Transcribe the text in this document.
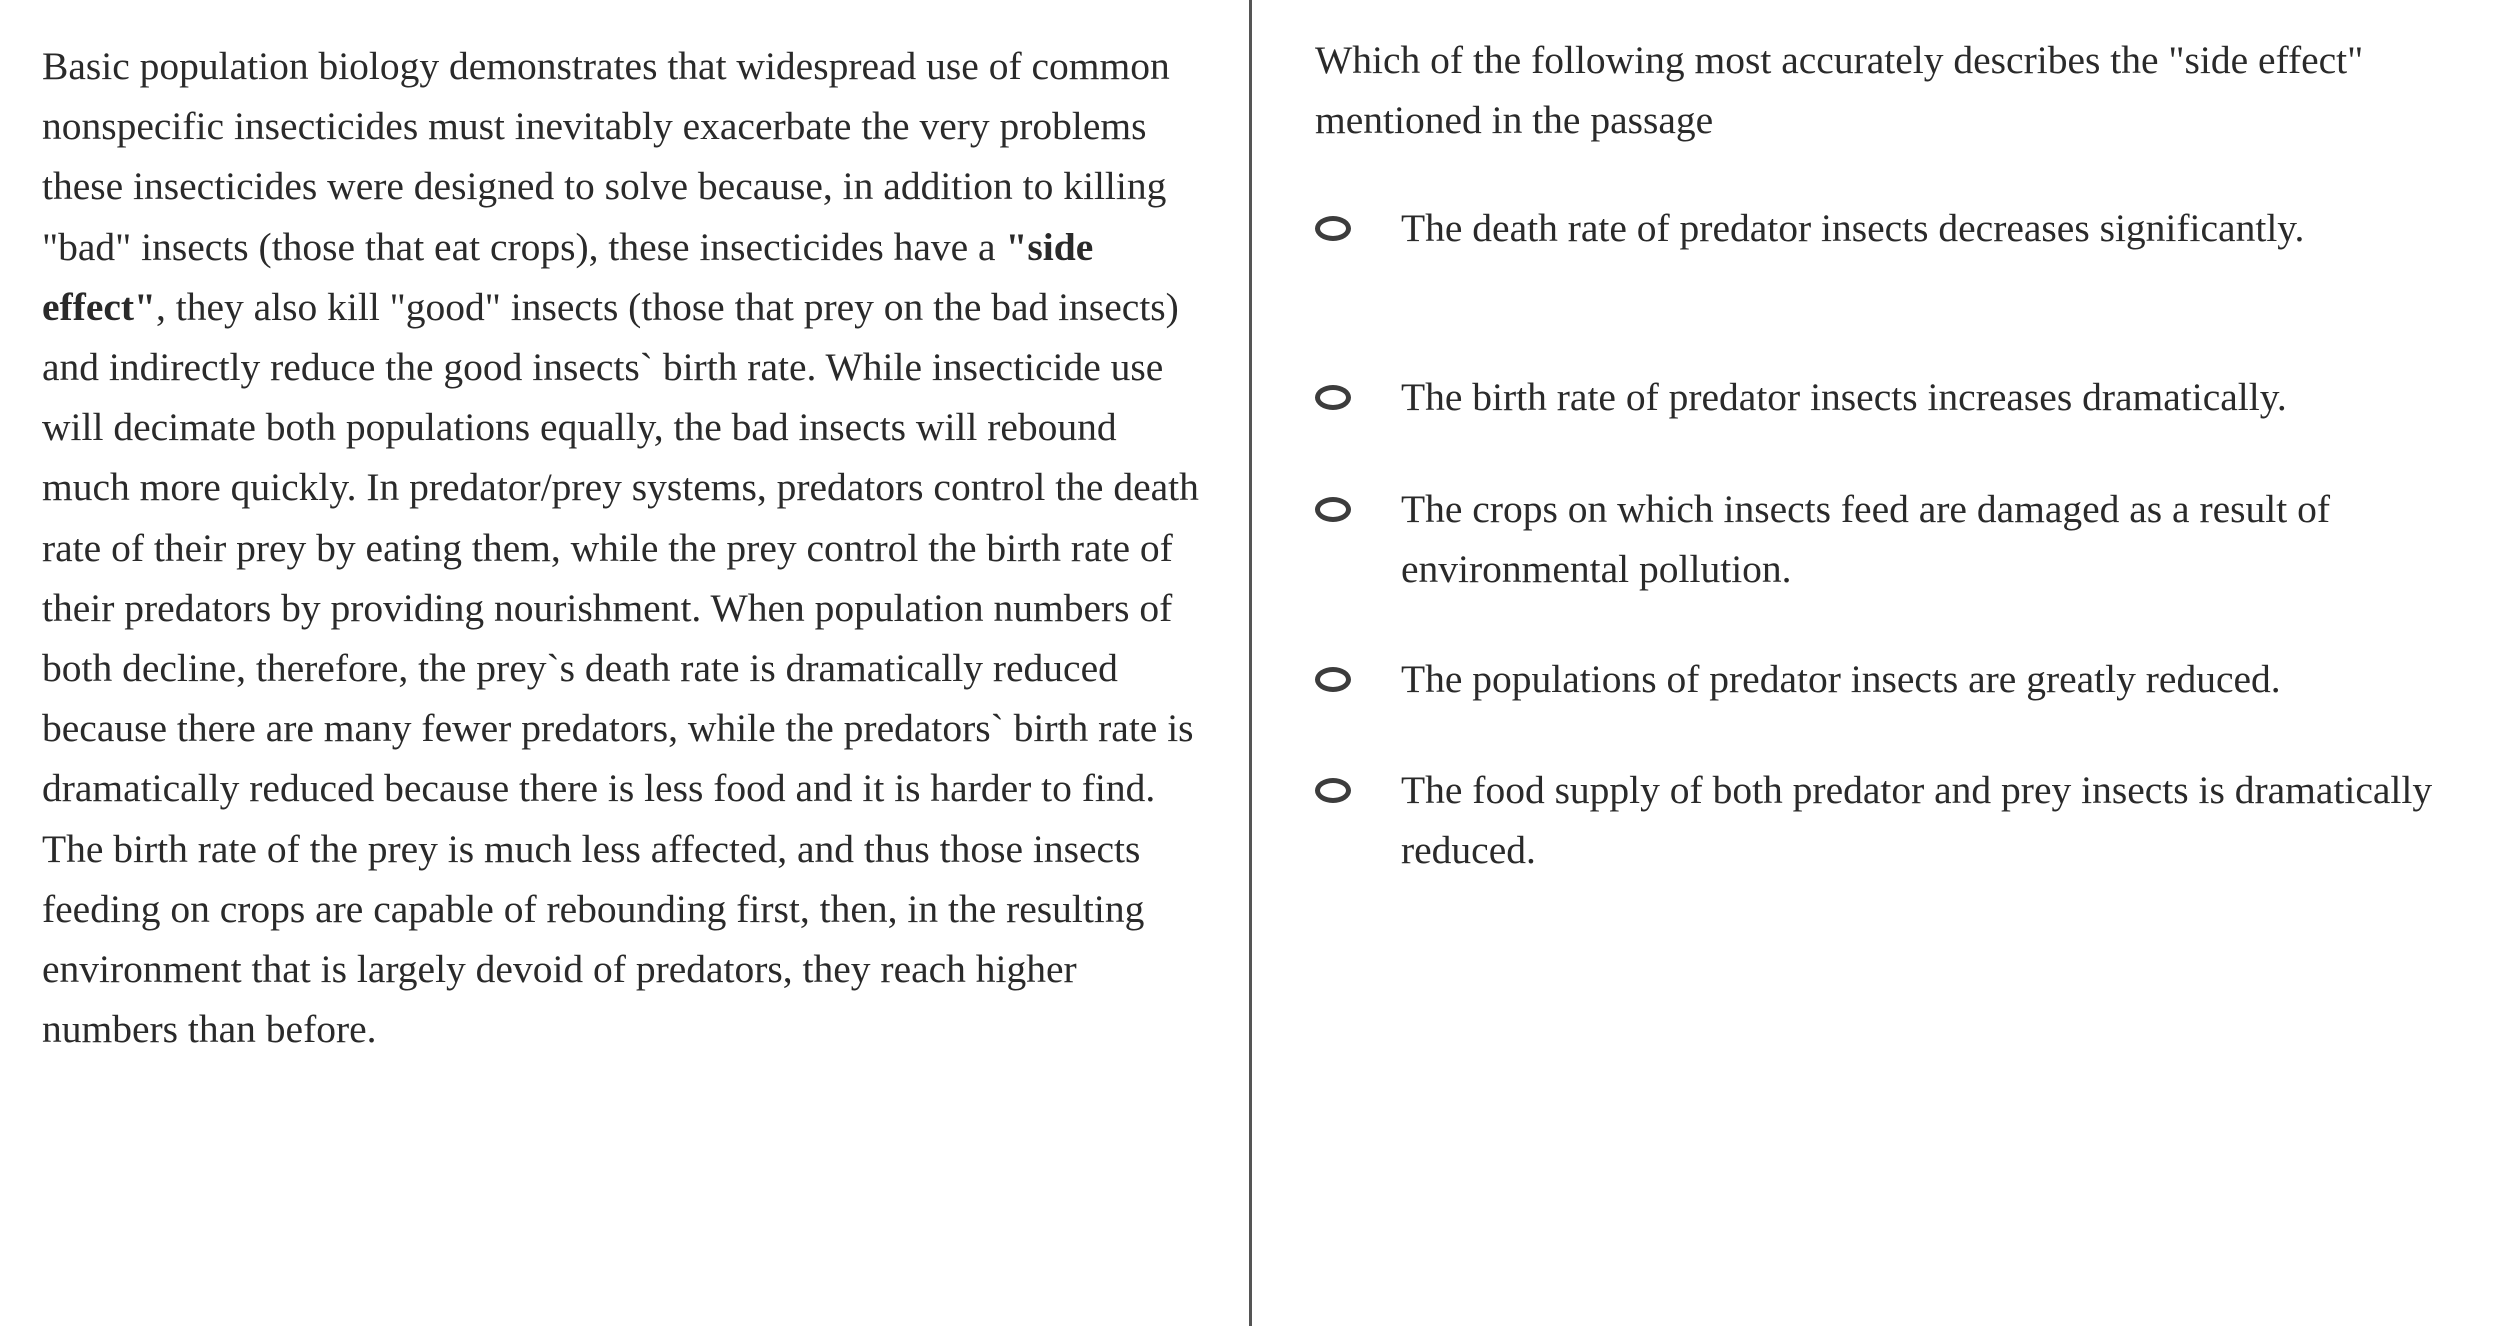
Basic population biology demonstrates that widespread use of common nonspecific insecticides must inevitably exacerbate the very problems these insecticides were designed to solve because, in addition to killing "bad" insects (those that eat crops), these insecticides have a "side effect", they also kill "good" insects (those that prey on the bad insects) and indirectly reduce the good insects` birth rate. While insecticide use will decimate both populations equally, the bad insects will rebound much more quickly. In predator/prey systems, predators control the death rate of their prey by eating them, while the prey control the birth rate of their predators by providing nourishment. When population numbers of both decline, therefore, the prey`s death rate is dramatically reduced because there are many fewer predators, while the predators` birth rate is dramatically reduced because there is less food and it is harder to find. The birth rate of the prey is much less affected, and thus those insects feeding on crops are capable of rebounding first, then, in the resulting environment that is largely devoid of predators, they reach higher numbers than before.

Which of the following most accurately describes the "side effect" mentioned in the passage

The death rate of predator insects decreases significantly.
The birth rate of predator insects increases dramatically.
The crops on which insects feed are damaged as a result of environmental pollution.
The populations of predator insects are greatly reduced.
The food supply of both predator and prey insects is dramatically reduced.
